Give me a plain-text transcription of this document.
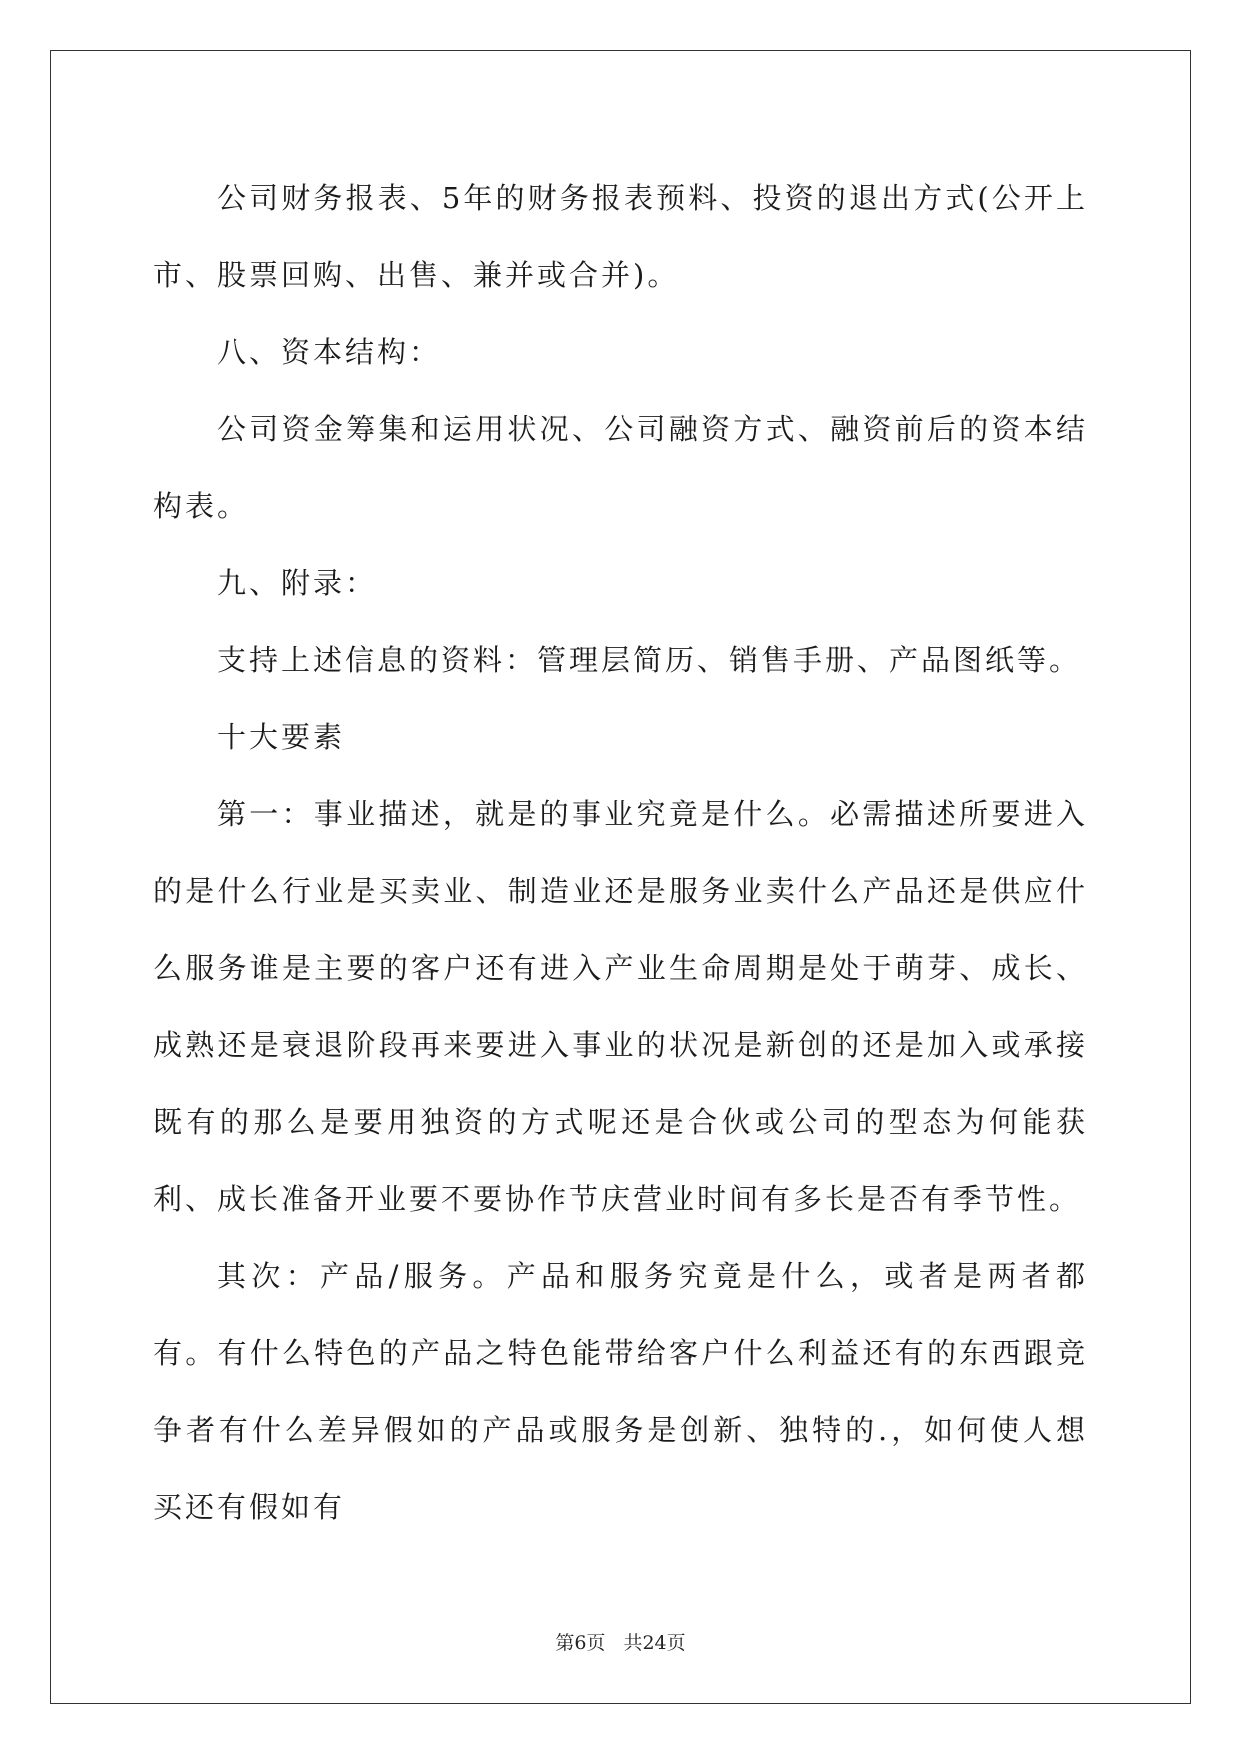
公司财务报表、5年的财务报表预料、投资的退出方式(公开上市、股票回购、出售、兼并或合并)。

八、资本结构：

公司资金筹集和运用状况、公司融资方式、融资前后的资本结构表。

九、附录：

支持上述信息的资料：管理层简历、销售手册、产品图纸等。

十大要素

第一：事业描述，就是的事业究竟是什么。必需描述所要进入的是什么行业是买卖业、制造业还是服务业卖什么产品还是供应什么服务谁是主要的客户还有进入产业生命周期是处于萌芽、成长、成熟还是衰退阶段再来要进入事业的状况是新创的还是加入或承接既有的那么是要用独资的方式呢还是合伙或公司的型态为何能获利、成长准备开业要不要协作节庆营业时间有多长是否有季节性。

其次：产品/服务。产品和服务究竟是什么，或者是两者都有。有什么特色的产品之特色能带给客户什么利益还有的东西跟竞争者有什么差异假如的产品或服务是创新、独特的.，如何使人想买还有假如有

第6页 共24页
